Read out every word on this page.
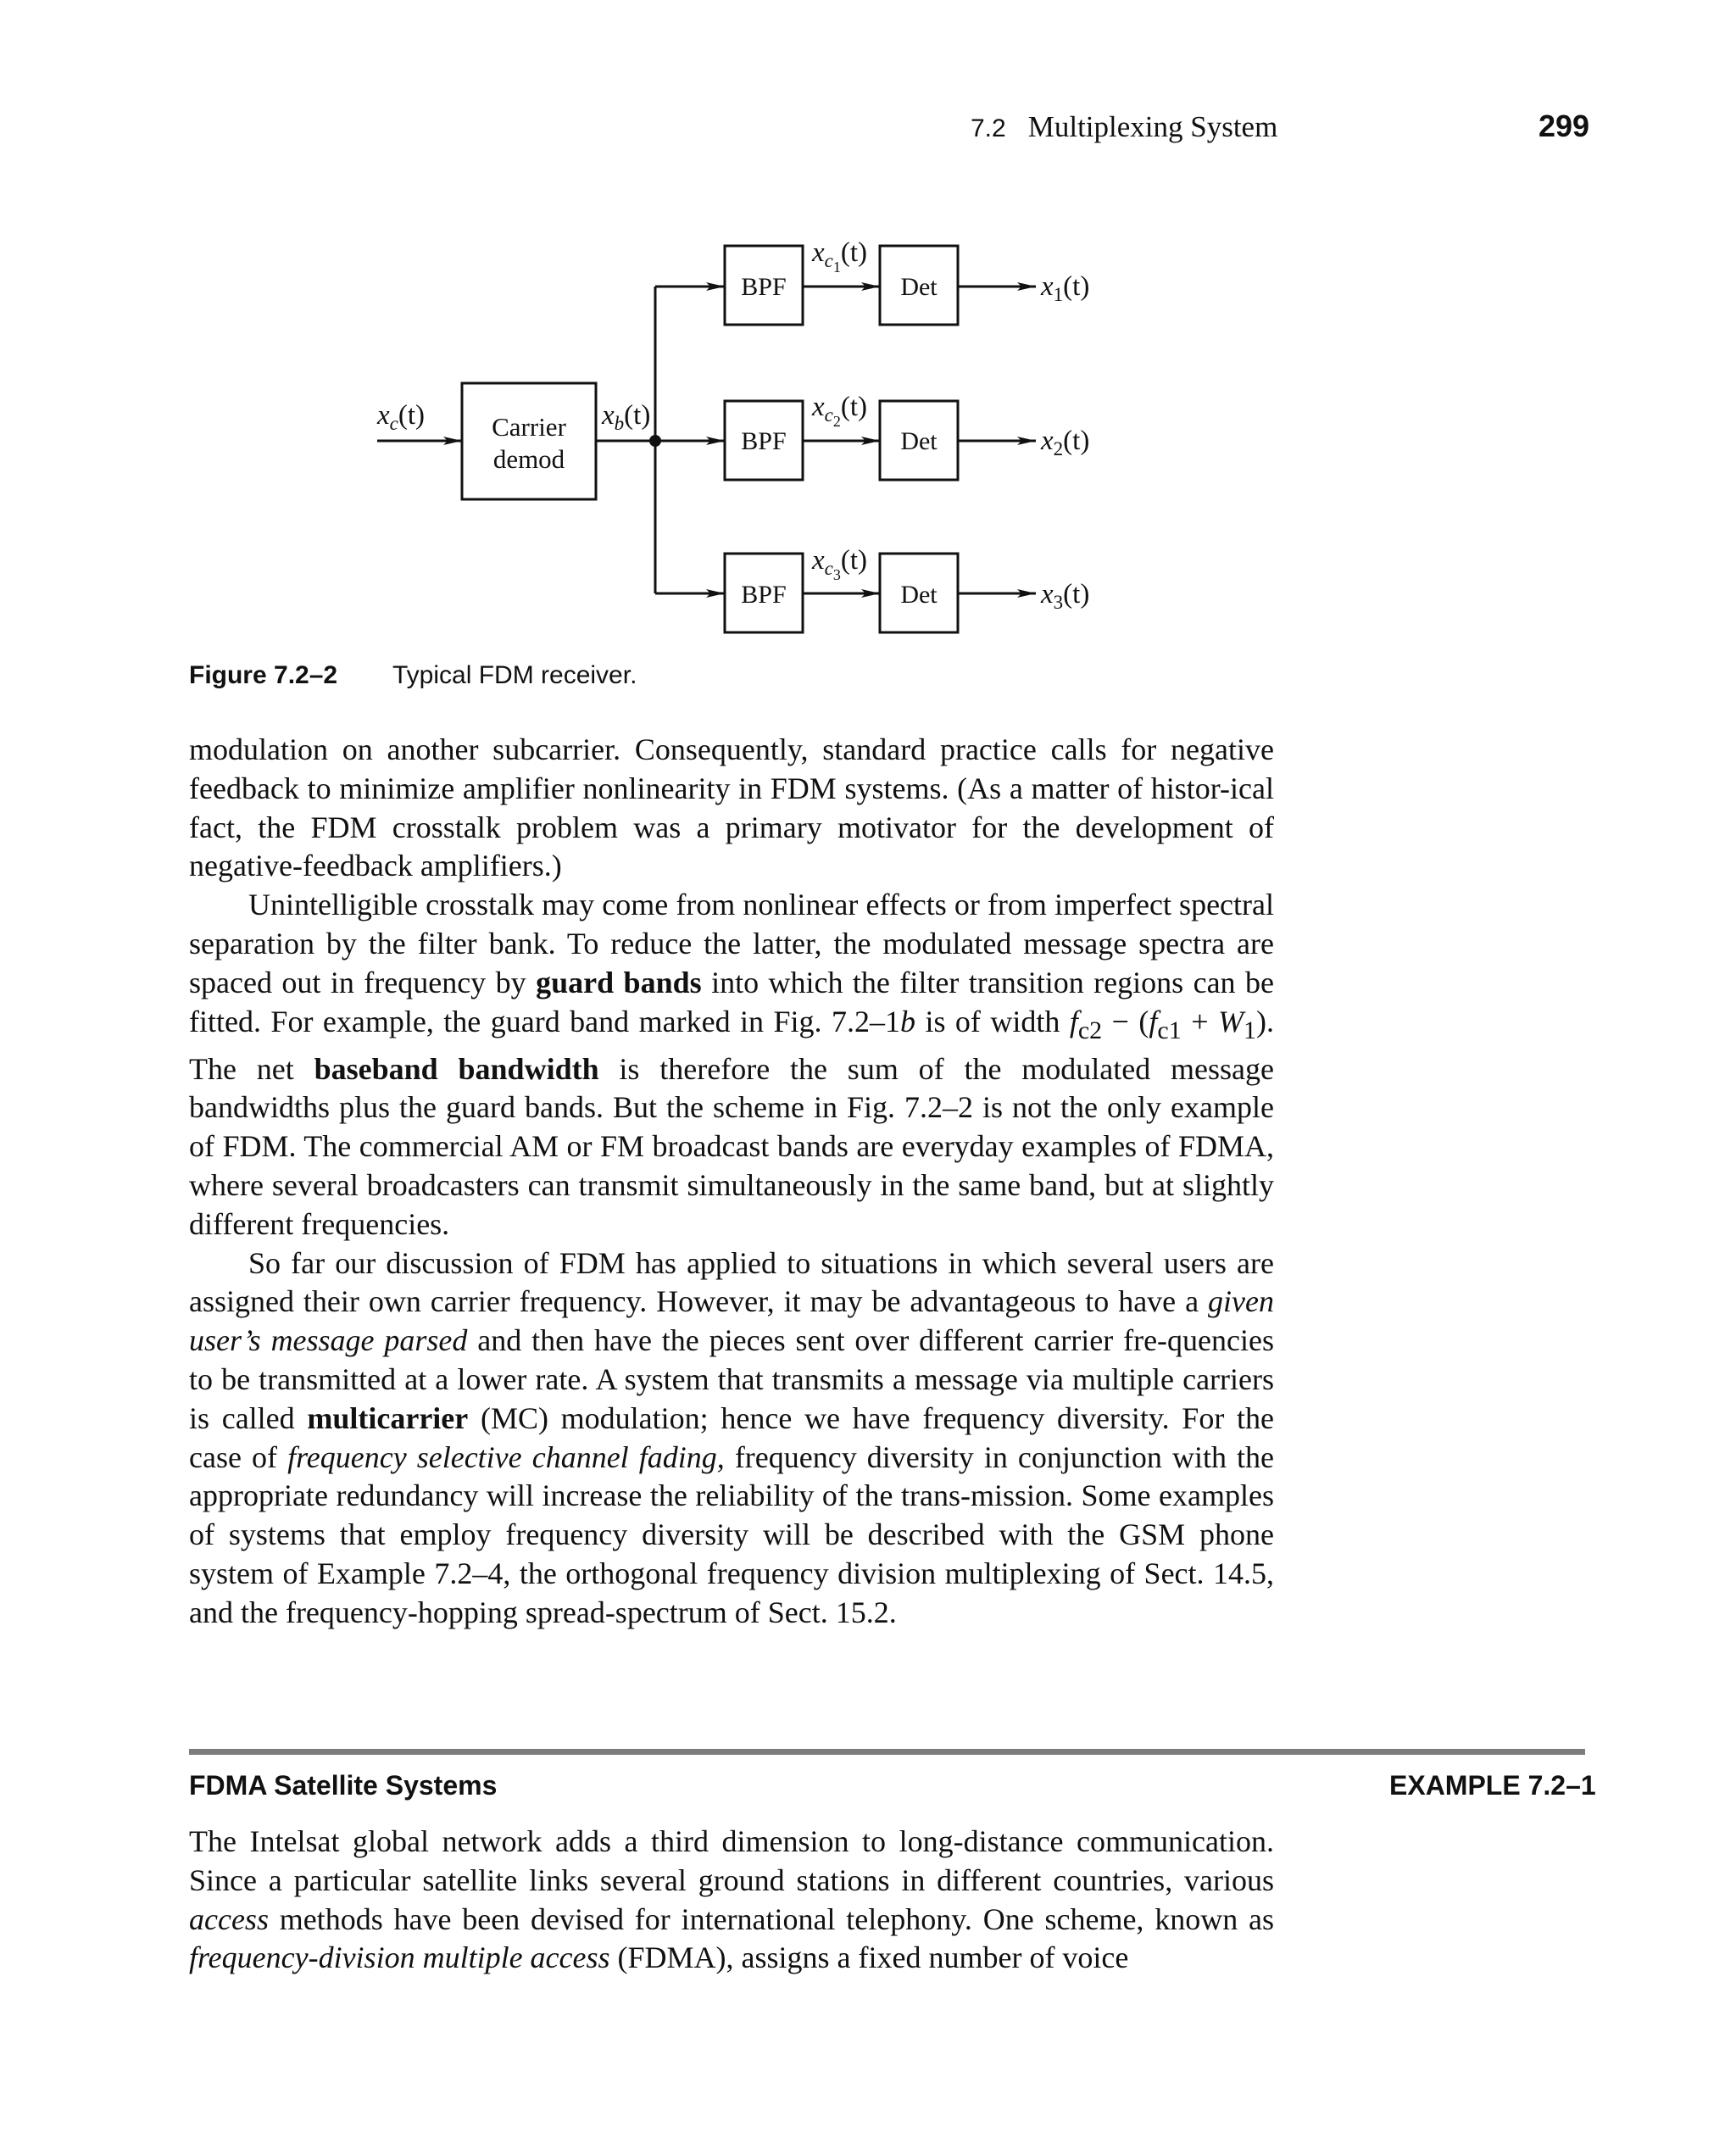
7.2 Multiplexing System	299
$x_c(t)$	Carrier
demod
$x_b(t)$
BPF
$x_c1(t)$
Det	$x_1(t)$
BPF
$x_c2(t)$
Det	$x_2(t)$
BPF
$x_c3(t)$
Det	$x_3(t)$
Figure 7.2–2 Typical FDM receiver.

modulation on another subcarrier. Consequently, standard practice calls for negative feedback to minimize amplifier nonlinearity in FDM systems. (As a matter of histor-ical fact, the FDM crosstalk problem was a primary motivator for the development of negative-feedback amplifiers.)

Unintelligible crosstalk may come from nonlinear effects or from imperfect spectral separation by the filter bank. To reduce the latter, the modulated message spectra are spaced out in frequency by guard bands into which the filter transition regions can be fitted. For example, the guard band marked in Fig. 7.2–1b is of width $f_{c2} - (f_{c1} + W_1)$. The net baseband bandwidth is therefore the sum of the modulated message bandwidths plus the guard bands. But the scheme in Fig. 7.2–2 is not the only example of FDM. The commercial AM or FM broadcast bands are everyday examples of FDMA, where several broadcasters can transmit simultaneously in the same band, but at slightly different frequencies.

So far our discussion of FDM has applied to situations in which several users are assigned their own carrier frequency. However, it may be advantageous to have a given user’s message parsed and then have the pieces sent over different carrier fre-quencies to be transmitted at a lower rate. A system that transmits a message via multiple carriers is called multicarrier (MC) modulation; hence we have frequency diversity. For the case of frequency selective channel fading, frequency diversity in conjunction with the appropriate redundancy will increase the reliability of the trans-mission. Some examples of systems that employ frequency diversity will be described with the GSM phone system of Example 7.2–4, the orthogonal frequency division multiplexing of Sect. 14.5, and the frequency-hopping spread-spectrum of Sect. 15.2.

FDMA Satellite Systems	EXAMPLE 7.2–1

The Intelsat global network adds a third dimension to long-distance communication. Since a particular satellite links several ground stations in different countries, various access methods have been devised for international telephony. One scheme, known as frequency-division multiple access (FDMA), assigns a fixed number of voice
